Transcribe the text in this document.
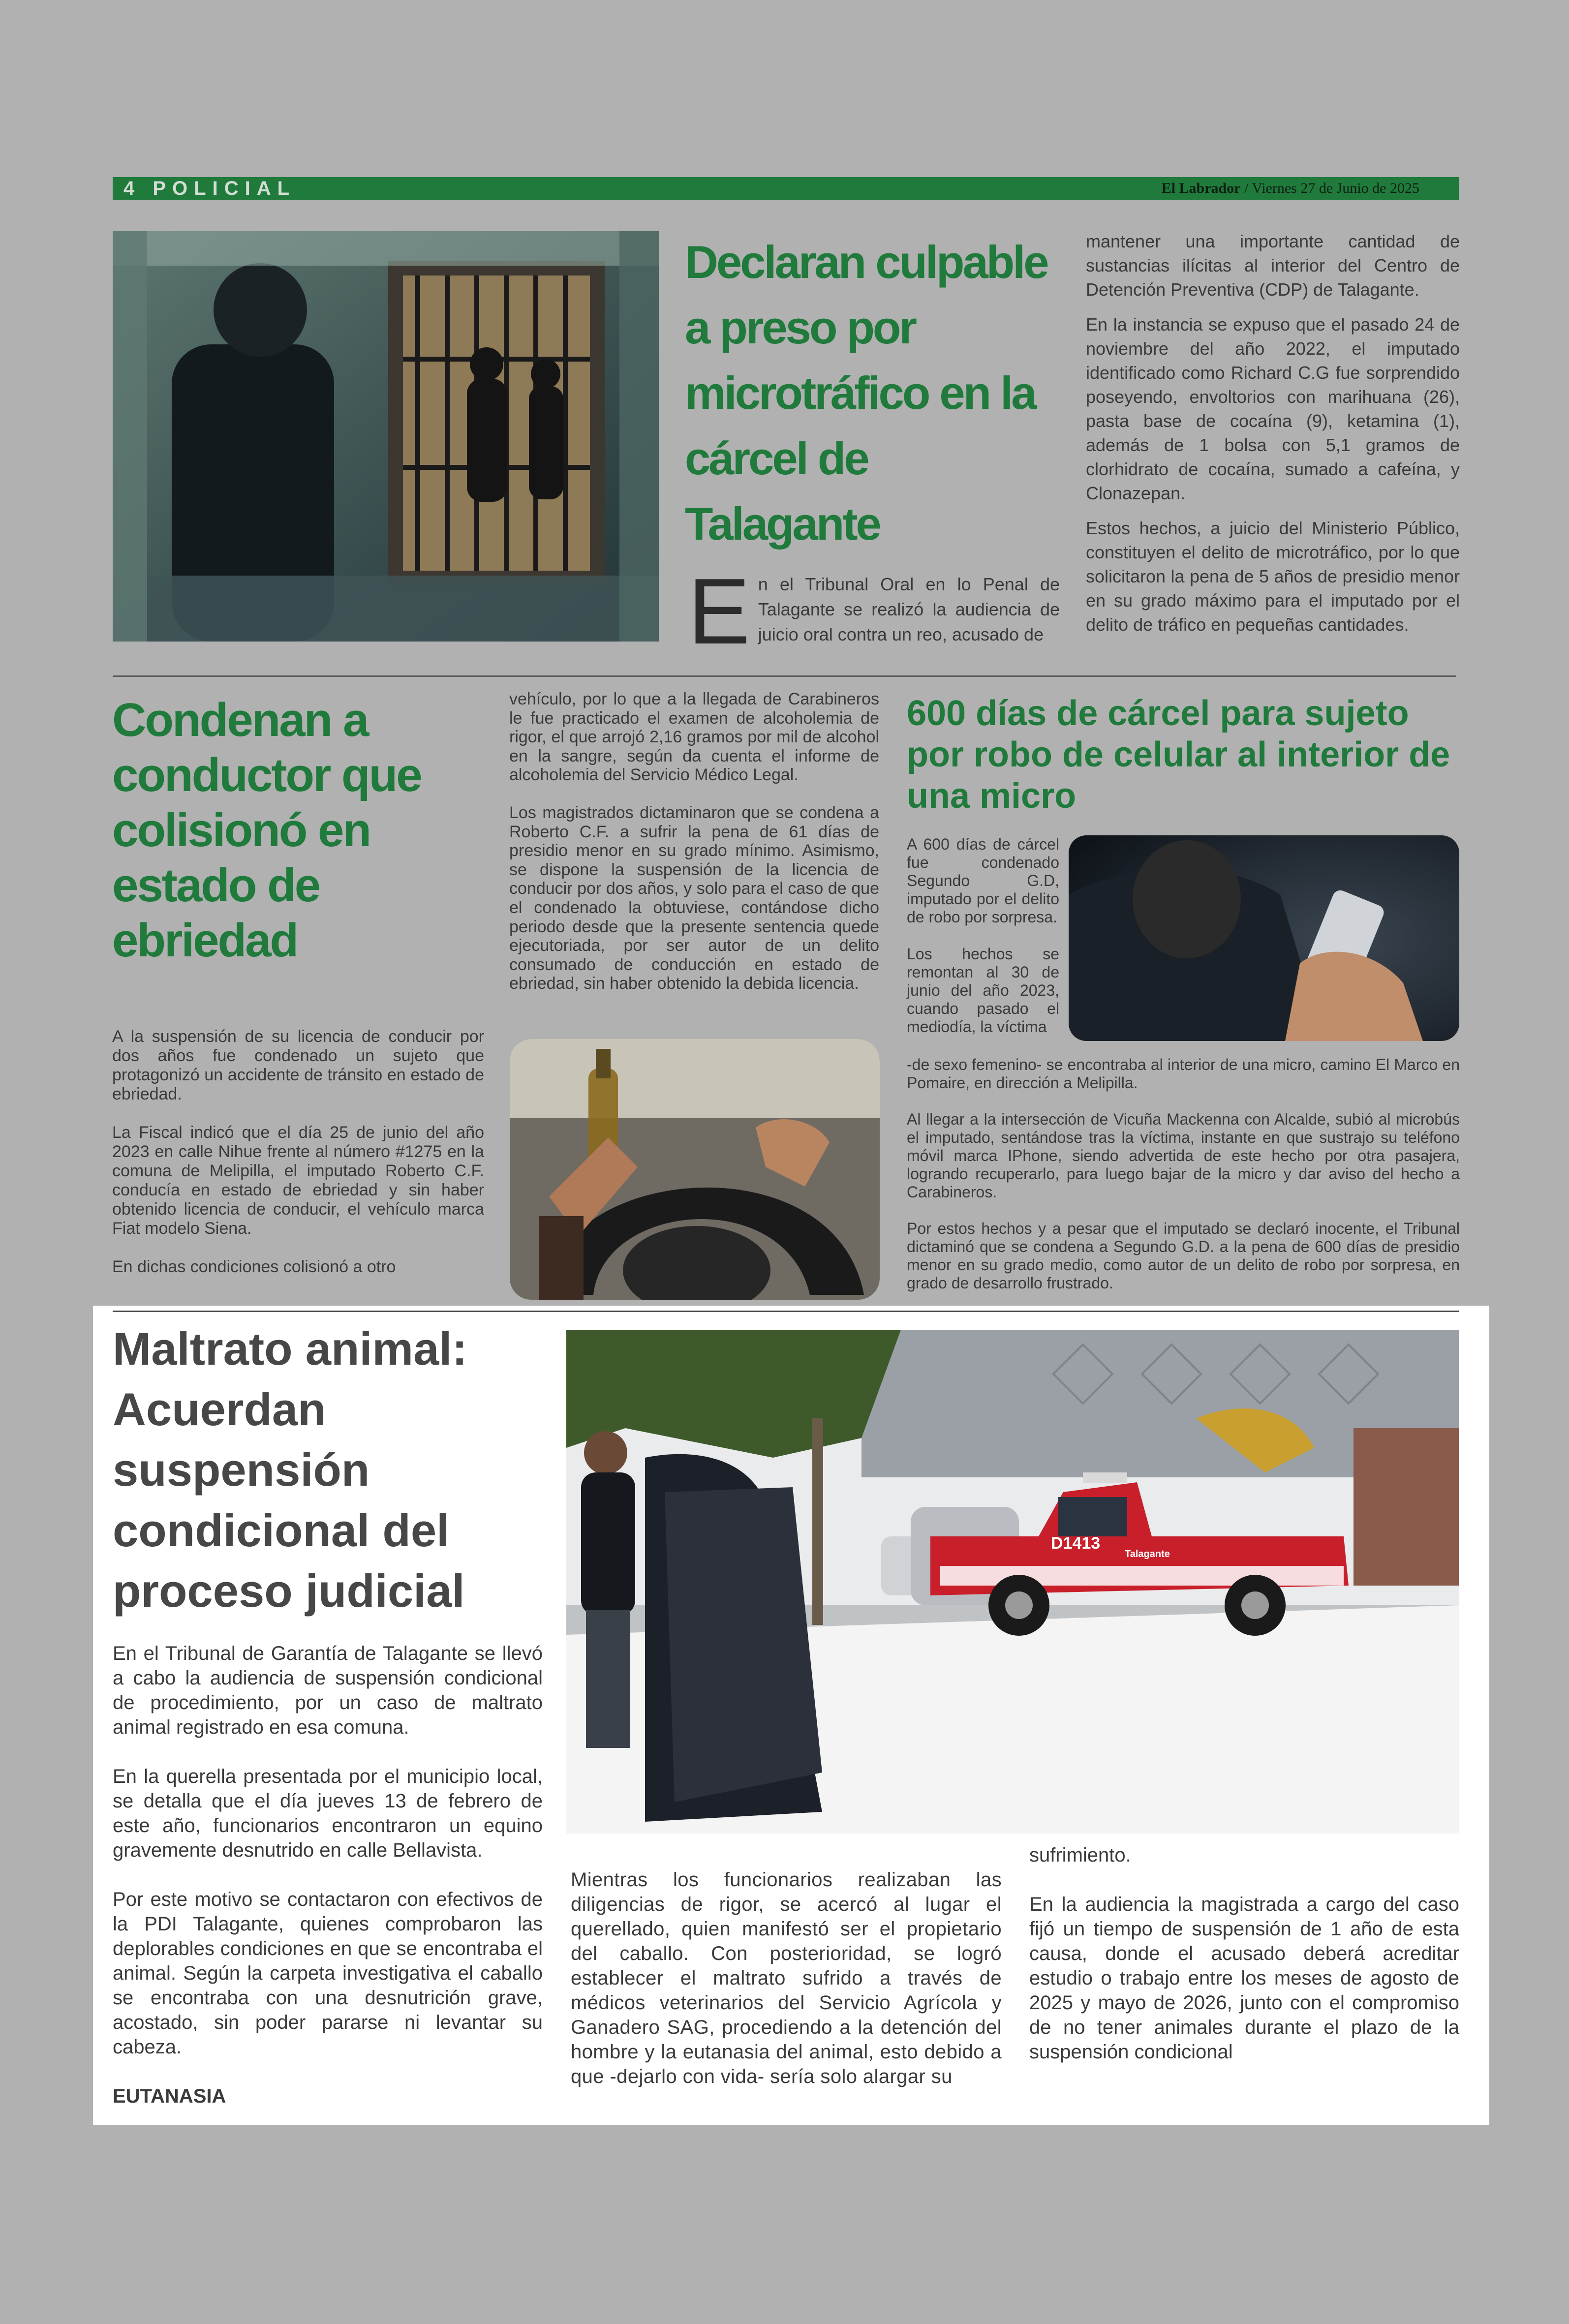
4 POLICIAL	El Labrador / Viernes 27 de Junio de 2025
Declaran culpable a preso por microtráfico en la cárcel de Talagante
En el Tribunal Oral en lo Penal de Talagante se realizó la audiencia de juicio oral contra un reo, acusado de

mantener una importante cantidad de sustancias ilícitas al interior del Centro de Detención Preventiva (CDP) de Talagante.

En la instancia se expuso que el pasado 24 de noviembre del año 2022, el imputado identificado como Richard C.G fue sorprendido poseyendo, envoltorios con marihuana (26), pasta base de cocaína (9), ketamina (1), además de 1 bolsa con 5,1 gramos de clorhidrato de cocaína, sumado a cafeína, y Clonazepan.

Estos hechos, a juicio del Ministerio Público, constituyen el delito de microtráfico, por lo que solicitaron la pena de 5 años de presidio menor en su grado máximo para el imputado por el delito de tráfico en pequeñas cantidades.

Condenan a conductor que colisionó en estado de ebriedad

A la suspensión de su licencia de conducir por dos años fue condenado un sujeto que protagonizó un accidente de tránsito en estado de ebriedad.

La Fiscal indicó que el día 25 de junio del año 2023 en calle Nihue frente al número #1275 en la comuna de Melipilla, el imputado Roberto C.F. conducía en estado de ebriedad y sin haber obtenido licencia de conducir, el vehículo marca Fiat modelo Siena.

En dichas condiciones colisionó a otro

vehículo, por lo que a la llegada de Carabineros le fue practicado el examen de alcoholemia de rigor, el que arrojó 2,16 gramos por mil de alcohol en la sangre, según da cuenta el informe de alcoholemia del Servicio Médico Legal.

Los magistrados dictaminaron que se condena a Roberto C.F. a sufrir la pena de 61 días de presidio menor en su grado mínimo. Asimismo, se dispone la suspensión de la licencia de conducir por dos años, y solo para el caso de que el condenado la obtuviese, contándose dicho periodo desde que la presente sentencia quede ejecutoriada, por ser autor de un delito consumado de conducción en estado de ebriedad, sin haber obtenido la debida licencia.

600 días de cárcel para sujeto por robo de celular al interior de una micro

A 600 días de cárcel fue condenado Segundo G.D, imputado por el delito de robo por sorpresa.

Los hechos se remontan al 30 de junio del año 2023, cuando pasado el mediodía, la víctima

-de sexo femenino- se encontraba al interior de una micro, camino El Marco en Pomaire, en dirección a Melipilla.

Al llegar a la intersección de Vicuña Mackenna con Alcalde, subió al microbús el imputado, sentándose tras la víctima, instante en que sustrajo su teléfono móvil marca IPhone, siendo advertida de este hecho por otra pasajera, logrando recuperarlo, para luego bajar de la micro y dar aviso del hecho a Carabineros.

Por estos hechos y a pesar que el imputado se declaró inocente, el Tribunal dictaminó que se condena a Segundo G.D. a la pena de 600 días de presidio menor en su grado medio, como autor de un delito de robo por sorpresa, en grado de desarrollo frustrado.

Maltrato animal: Acuerdan suspensión condicional del proceso judicial
D1413
Talagante

En el Tribunal de Garantía de Talagante se llevó a cabo la audiencia de suspensión condicional de procedimiento, por un caso de maltrato animal registrado en esa comuna.

En la querella presentada por el municipio local, se detalla que el día jueves 13 de febrero de este año, funcionarios encontraron un equino gravemente desnutrido en calle Bellavista.

Por este motivo se contactaron con efectivos de la PDI Talagante, quienes comprobaron las deplorables condiciones en que se encontraba el animal. Según la carpeta investigativa el caballo se encontraba con una desnutrición grave, acostado, sin poder pararse ni levantar su cabeza.

EUTANASIA

Mientras los funcionarios realizaban las diligencias de rigor, se acercó al lugar el querellado, quien manifestó ser el propietario del caballo. Con posterioridad, se logró establecer el maltrato sufrido a través de médicos veterinarios del Servicio Agrícola y Ganadero SAG, procediendo a la detención del hombre y la eutanasia del animal, esto debido a que -dejarlo con vida- sería solo alargar su

sufrimiento.

En la audiencia la magistrada a cargo del caso fijó un tiempo de suspensión de 1 año de esta causa, donde el acusado deberá acreditar estudio o trabajo entre los meses de agosto de 2025 y mayo de 2026, junto con el compromiso de no tener animales durante el plazo de la suspensión condicional
